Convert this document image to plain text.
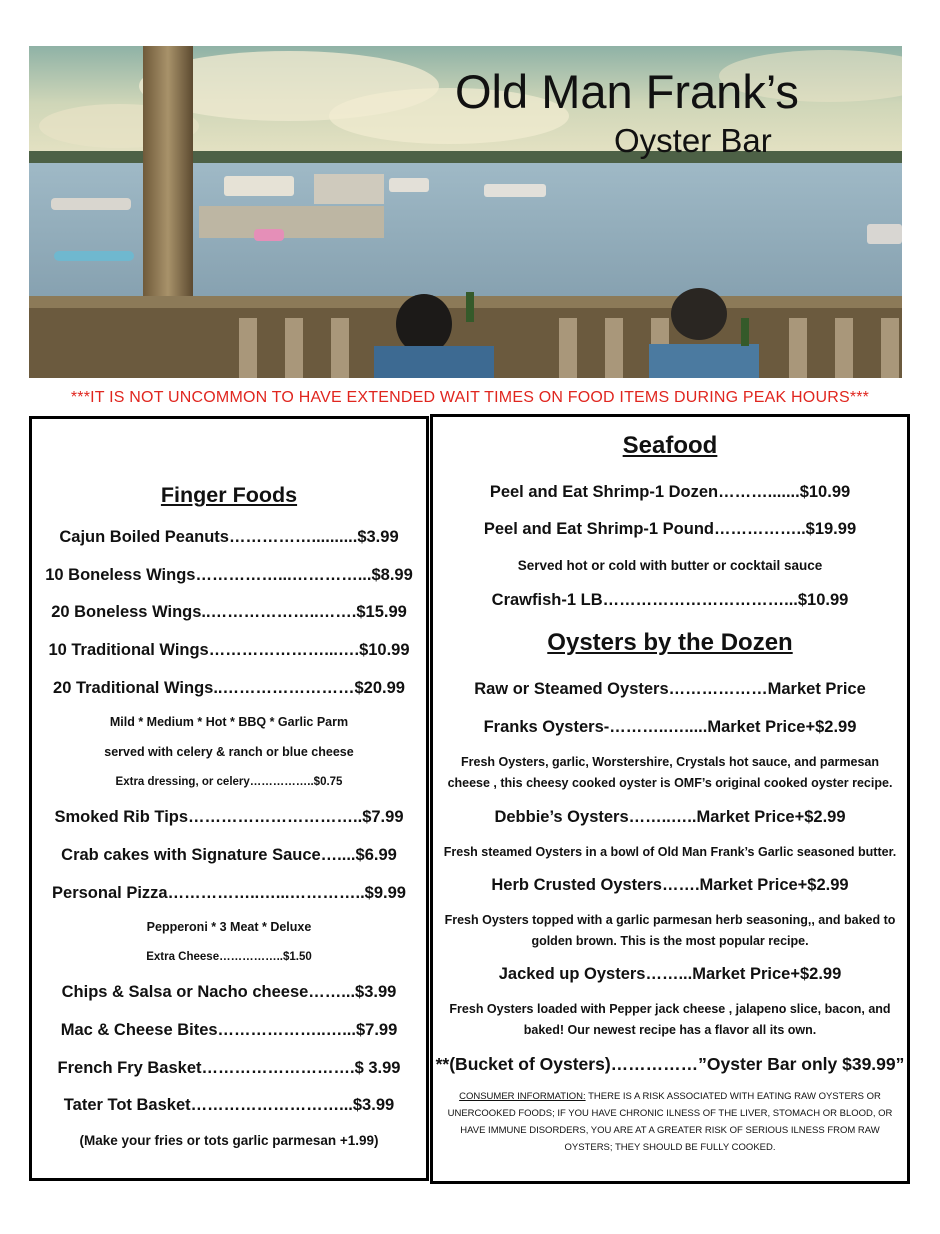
Old Man Frank’s
Oyster Bar
***IT IS NOT UNCOMMON TO HAVE EXTENDED WAIT TIMES ON FOOD ITEMS DURING PEAK HOURS***
Finger Foods
Cajun Boiled Peanuts……………..........$3.99
10 Boneless Wings……………...…………...$8.99
20 Boneless Wings..………………..…….$15.99
10 Traditional Wings…………………...….$10.99
20 Traditional Wings..……………………$20.99
Mild * Medium * Hot * BBQ * Garlic Parm
served with celery & ranch or blue cheese
Extra dressing, or celery……………..$0.75
Smoked Rib Tips…………………………..$7.99
Crab cakes with Signature Sauce…....$6.99
Personal Pizza……………..…...…………..$9.99
Pepperoni * 3 Meat * Deluxe
Extra Cheese……………..$1.50
Chips & Salsa or Nacho cheese……...$3.99
Mac & Cheese Bites………………..…...$7.99
French Fry Basket……………………….$ 3.99
Tater Tot Basket………………………...$3.99
(Make your fries or tots garlic parmesan +1.99)
Seafood
Peel and Eat Shrimp-1 Dozen……….......$10.99
Peel and Eat Shrimp-1 Pound……………..$19.99
Served hot or cold with butter or cocktail sauce
Crawfish-1 LB……………………………...$10.99
Oysters by the Dozen
Raw or Steamed Oysters………………Market Price
Franks Oysters-………..….....Market Price+$2.99
Fresh Oysters, garlic, Worstershire, Crystals hot sauce, and parmesan cheese , this cheesy cooked oyster is OMF’s original cooked oyster recipe.
Debbie’s Oysters……..…..Market Price+$2.99
Fresh steamed Oysters in a bowl of Old Man Frank’s Garlic seasoned butter.
Herb Crusted Oysters…….Market Price+$2.99
Fresh Oysters topped with a garlic parmesan herb seasoning,, and baked to golden brown. This is the most popular recipe.
Jacked up Oysters……...Market Price+$2.99
Fresh Oysters loaded with Pepper jack cheese , jalapeno slice, bacon, and baked! Our newest recipe has a flavor all its own.
**(Bucket of Oysters)……………”Oyster Bar only $39.99”
CONSUMER INFORMATION: THERE IS A RISK ASSOCIATED WITH EATING RAW OYSTERS OR UNERCOOKED FOODS; IF YOU HAVE CHRONIC ILNESS OF THE LIVER, STOMACH OR BLOOD, OR HAVE IMMUNE DISORDERS, YOU ARE AT A GREATER RISK OF SERIOUS ILNESS FROM RAW OYSTERS; THEY SHOULD BE FULLY COOKED.
